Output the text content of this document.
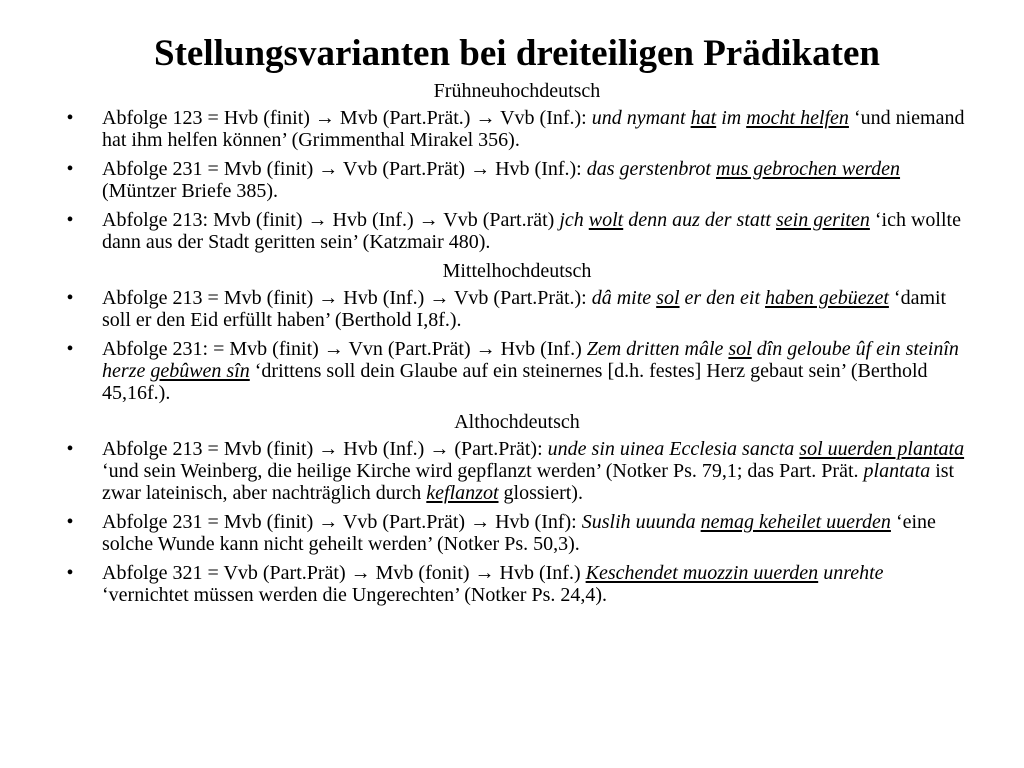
Stellungsvarianten bei dreiteiligen Prädikaten
Frühneuhochdeutsch
• Abfolge 123 = Hvb (finit) → Mvb (Part.Prät.) → Vvb (Inf.): und nymant hat im mocht helfen ‘und niemand hat ihm helfen können’ (Grimmenthal Mirakel 356).
• Abfolge 231 = Mvb (finit) → Vvb (Part.Prät) → Hvb (Inf.): das gerstenbrot mus gebrochen werden (Müntzer Briefe 385).
• Abfolge 213: Mvb (finit) → Hvb (Inf.) → Vvb (Part.rät) jch wolt denn auz der statt sein geriten ‘ich wollte dann aus der Stadt geritten sein’ (Katzmair 480).
Mittelhochdeutsch
• Abfolge 213 = Mvb (finit) → Hvb (Inf.) → Vvb (Part.Prät.): dâ mite sol er den eit haben gebüezet ‘damit soll er den Eid erfüllt haben’ (Berthold I,8f.).
• Abfolge 231: = Mvb (finit) → Vvn (Part.Prät) → Hvb (Inf.) Zem dritten mâle sol dîn geloube ûf ein steinîn herze gebûwen sîn ‘drittens soll dein Glaube auf ein steinernes [d.h. festes] Herz gebaut sein’ (Berthold 45,16f.).
Althochdeutsch
• Abfolge 213 = Mvb (finit) → Hvb (Inf.) → (Part.Prät): unde sin uinea Ecclesia sancta sol uuerden plantata ‘und sein Weinberg, die heilige Kirche wird gepflanzt werden’ (Notker Ps. 79,1; das Part. Prät. plantata ist zwar lateinisch, aber nachträglich durch keflanzot glossiert).
• Abfolge 231 = Mvb (finit) → Vvb (Part.Prät) → Hvb (Inf): Suslih uuunda nemag keheilet uuerden ‘eine solche Wunde kann nicht geheilt werden’ (Notker Ps. 50,3).
• Abfolge 321 = Vvb (Part.Prät) → Mvb (fonit) → Hvb (Inf.) Keschendet muozzin uuerden unrehte ‘vernichtet müssen werden die Ungerechten’ (Notker Ps. 24,4).
